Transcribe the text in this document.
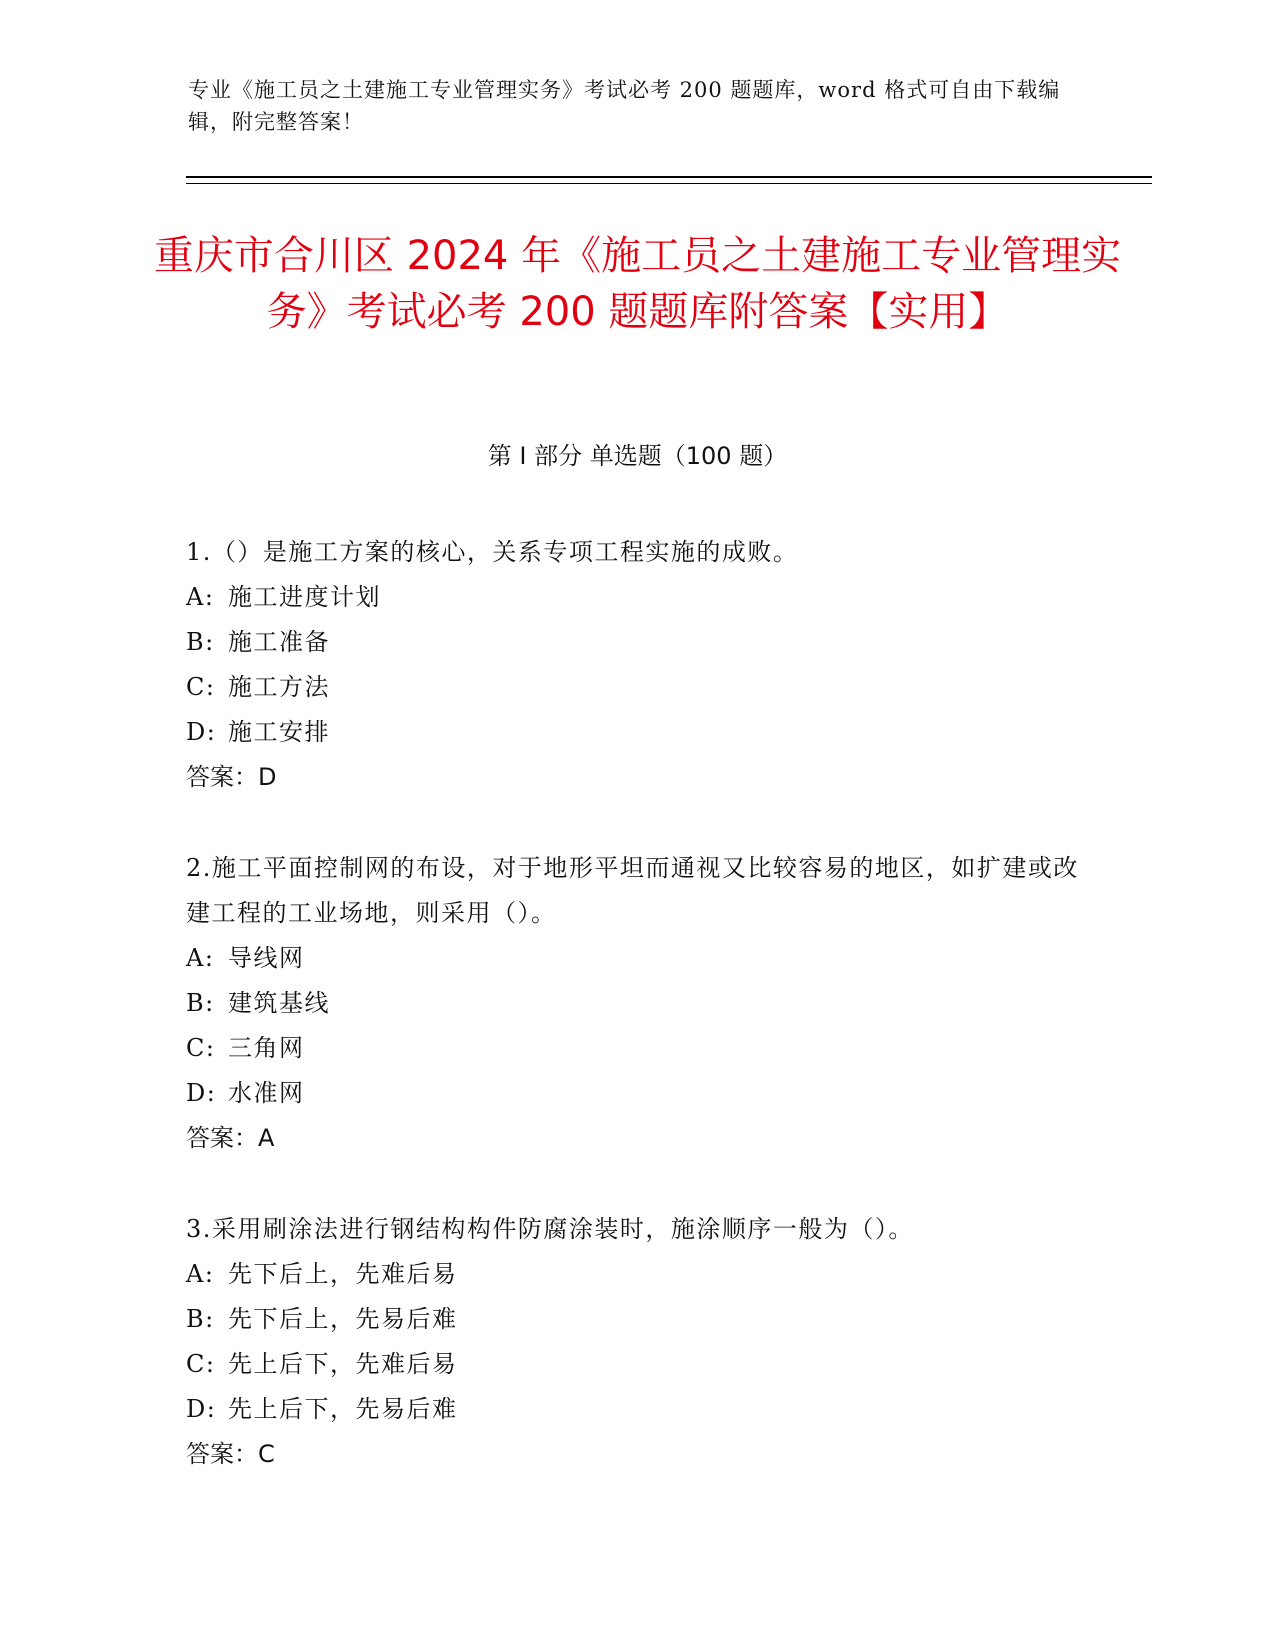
专业《施工员之土建施工专业管理实务》考试必考 200 题题库，word 格式可自由下载编辑，附完整答案！
重庆市合川区 2024 年《施工员之土建施工专业管理实务》考试必考 200 题题库附答案【实用】
第 I 部分 单选题（100 题）
1.（）是施工方案的核心，关系专项工程实施的成败。
A: 施工进度计划
B: 施工准备
C: 施工方法
D: 施工安排
答案：D
2.施工平面控制网的布设，对于地形平坦而通视又比较容易的地区，如扩建或改建工程的工业场地，则采用（）。
A: 导线网
B: 建筑基线
C: 三角网
D: 水准网
答案：A
3.采用刷涂法进行钢结构构件防腐涂装时，施涂顺序一般为（）。
A: 先下后上，先难后易
B: 先下后上，先易后难
C: 先上后下，先难后易
D: 先上后下，先易后难
答案：C
